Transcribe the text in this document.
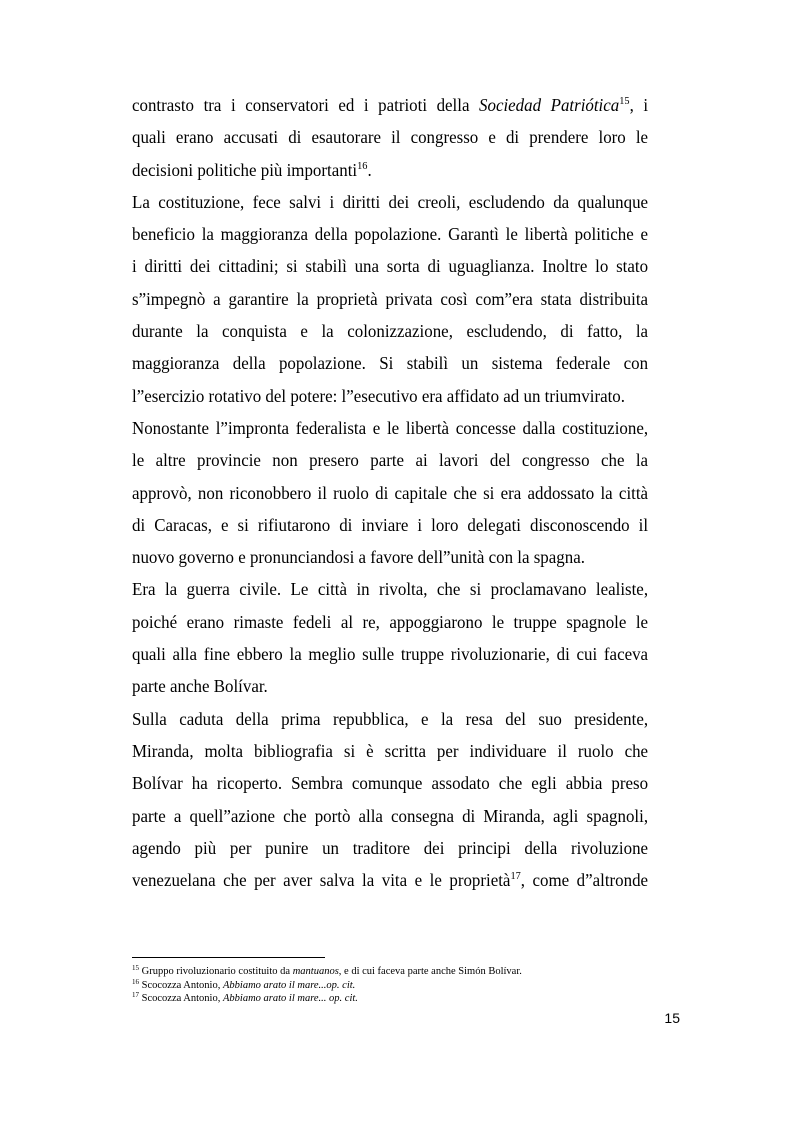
contrasto tra i conservatori ed i patrioti della Sociedad Patriótica$^{15}$, i
quali erano accusati di esautorare il congresso e di prendere loro le
decisioni politiche più importanti$^{16}$.
La costituzione, fece salvi i diritti dei creoli, escludendo da qualunque
beneficio la maggioranza della popolazione. Garantì le libertà politiche e
i diritti dei cittadini; si stabilì una sorta di uguaglianza. Inoltre lo stato
s”impegnò a garantire la proprietà privata così com”era stata distribuita
durante la conquista e la colonizzazione, escludendo, di fatto, la
maggioranza della popolazione. Si stabilì un sistema federale con
l”esercizio rotativo del potere: l”esecutivo era affidato ad un triumvirato.
Nonostante l”impronta federalista e le libertà concesse dalla costituzione,
le altre provincie non presero parte ai lavori del congresso che la
approvò, non riconobbero il ruolo di capitale che si era addossato la città
di Caracas, e si rifiutarono di inviare i loro delegati disconoscendo il
nuovo governo e pronunciandosi a favore dell”unità con la spagna.
Era la guerra civile. Le città in rivolta, che si proclamavano lealiste,
poiché erano rimaste fedeli al re, appoggiarono le truppe spagnole le
quali alla fine ebbero la meglio sulle truppe rivoluzionarie, di cui faceva
parte anche Bolívar.
Sulla caduta della prima repubblica, e la resa del suo presidente,
Miranda, molta bibliografia si è scritta per individuare il ruolo che
Bolívar ha ricoperto. Sembra comunque assodato che egli abbia preso
parte a quell”azione che portò alla consegna di Miranda, agli spagnoli,
agendo più per punire un traditore dei principi della rivoluzione
venezuelana che per aver salva la vita e le proprietà$^{17}$, come d”altronde
$^{15}$ Gruppo rivoluzionario costituito da mantuanos, e di cui faceva parte anche Simón Bolívar.
$^{16}$ Scocozza Antonio, Abbiamo arato il mare...op. cit.
$^{17}$ Scocozza Antonio, Abbiamo arato il mare... op. cit.
15
